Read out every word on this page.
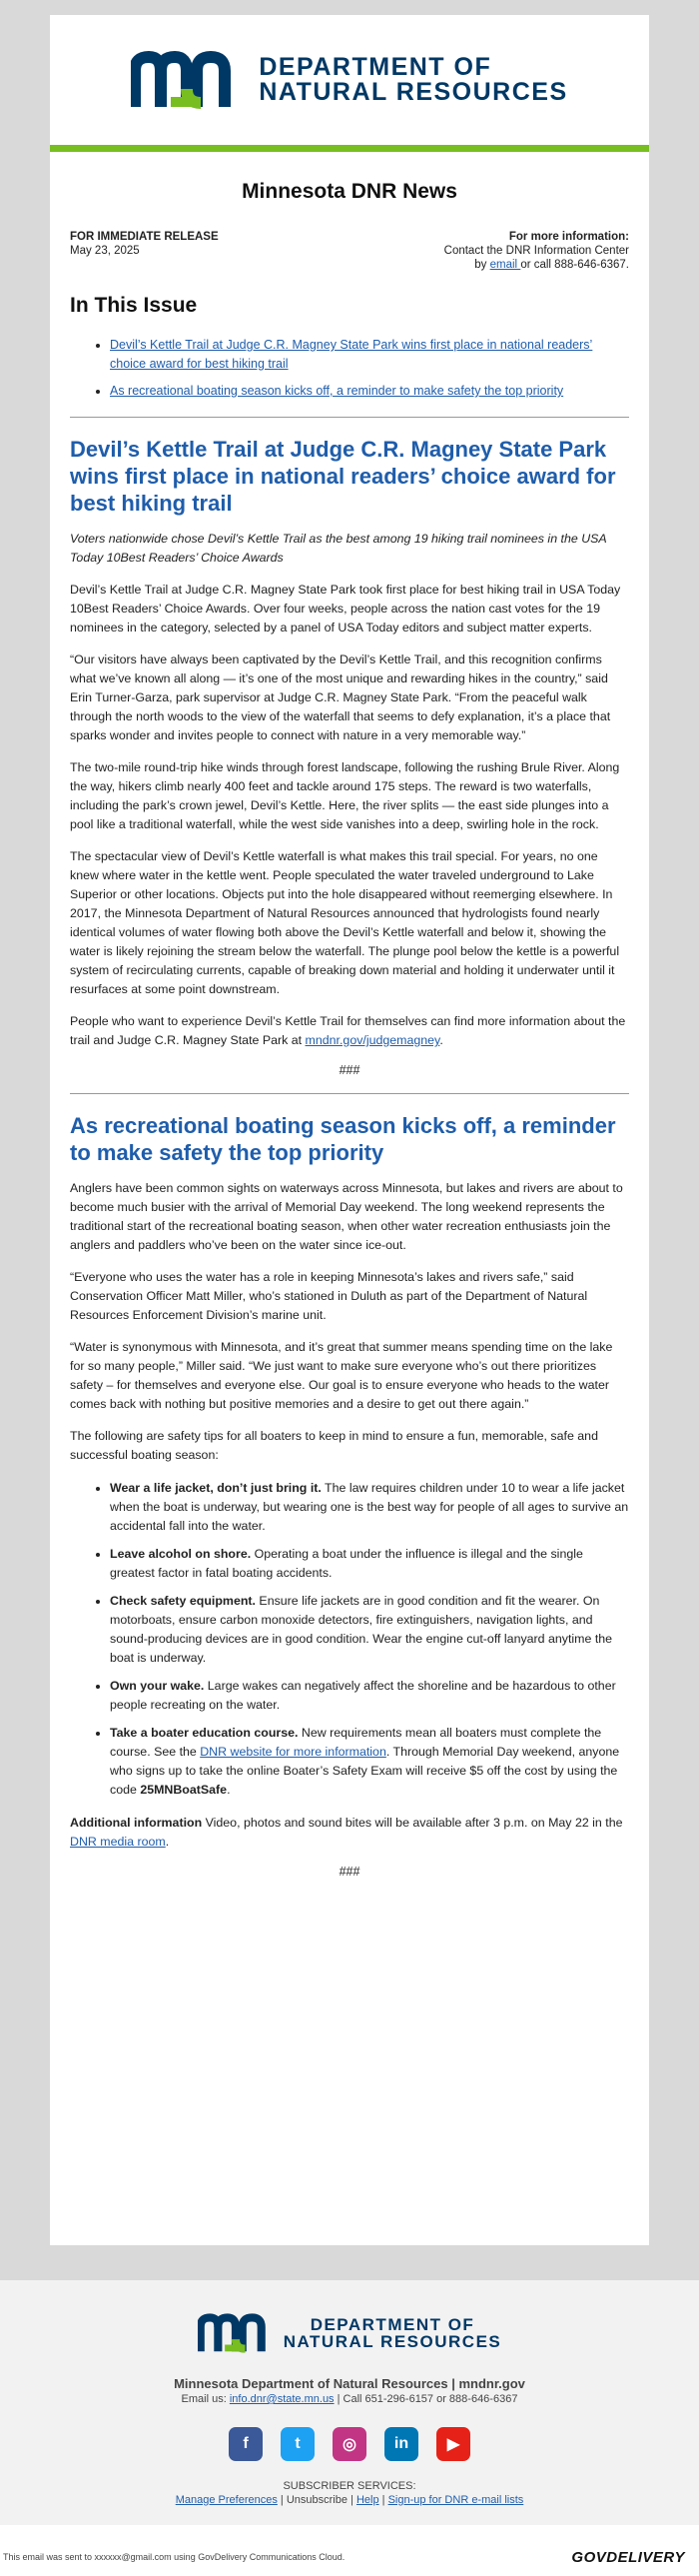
DEPARTMENT OF
NATURAL RESOURCES
Minnesota DNR News
FOR IMMEDIATE RELEASE
May 23, 2025
For more information:
Contact the DNR Information Center
by email or call 888-646-6367.
In This Issue
• Devil’s Kettle Trail at Judge C.R. Magney State Park wins first place in national readers’ choice award for best hiking trail
• As recreational boating season kicks off, a reminder to make safety the top priority
Devil’s Kettle Trail at Judge C.R. Magney State Park wins first place in national readers’ choice award for best hiking trail

Voters nationwide chose Devil’s Kettle Trail as the best among 19 hiking trail nominees in the USA Today 10Best Readers’ Choice Awards

Devil’s Kettle Trail at Judge C.R. Magney State Park took first place for best hiking trail in USA Today 10Best Readers’ Choice Awards. Over four weeks, people across the nation cast votes for the 19 nominees in the category, selected by a panel of USA Today editors and subject matter experts.

“Our visitors have always been captivated by the Devil’s Kettle Trail, and this recognition confirms what we’ve known all along — it’s one of the most unique and rewarding hikes in the country,” said Erin Turner-Garza, park supervisor at Judge C.R. Magney State Park. “From the peaceful walk through the north woods to the view of the waterfall that seems to defy explanation, it’s a place that sparks wonder and invites people to connect with nature in a very memorable way.”

The two-mile round-trip hike winds through forest landscape, following the rushing Brule River. Along the way, hikers climb nearly 400 feet and tackle around 175 steps. The reward is two waterfalls, including the park’s crown jewel, Devil’s Kettle. Here, the river splits — the east side plunges into a pool like a traditional waterfall, while the west side vanishes into a deep, swirling hole in the rock.

The spectacular view of Devil’s Kettle waterfall is what makes this trail special. For years, no one knew where water in the kettle went. People speculated the water traveled underground to Lake Superior or other locations. Objects put into the hole disappeared without reemerging elsewhere. In 2017, the Minnesota Department of Natural Resources announced that hydrologists found nearly identical volumes of water flowing both above the Devil’s Kettle waterfall and below it, showing the water is likely rejoining the stream below the waterfall. The plunge pool below the kettle is a powerful system of recirculating currents, capable of breaking down material and holding it underwater until it resurfaces at some point downstream.

People who want to experience Devil’s Kettle Trail for themselves can find more information about the trail and Judge C.R. Magney State Park at mndnr.gov/judgemagney.

###
As recreational boating season kicks off, a reminder to make safety the top priority

Anglers have been common sights on waterways across Minnesota, but lakes and rivers are about to become much busier with the arrival of Memorial Day weekend. The long weekend represents the traditional start of the recreational boating season, when other water recreation enthusiasts join the anglers and paddlers who’ve been on the water since ice-out.

“Everyone who uses the water has a role in keeping Minnesota’s lakes and rivers safe,” said Conservation Officer Matt Miller, who’s stationed in Duluth as part of the Department of Natural Resources Enforcement Division’s marine unit.

“Water is synonymous with Minnesota, and it’s great that summer means spending time on the lake for so many people,” Miller said. “We just want to make sure everyone who’s out there prioritizes safety – for themselves and everyone else. Our goal is to ensure everyone who heads to the water comes back with nothing but positive memories and a desire to get out there again.”

The following are safety tips for all boaters to keep in mind to ensure a fun, memorable, safe and successful boating season:

• Wear a life jacket, don’t just bring it. The law requires children under 10 to wear a life jacket when the boat is underway, but wearing one is the best way for people of all ages to survive an accidental fall into the water.
• Leave alcohol on shore. Operating a boat under the influence is illegal and the single greatest factor in fatal boating accidents.
• Check safety equipment. Ensure life jackets are in good condition and fit the wearer. On motorboats, ensure carbon monoxide detectors, fire extinguishers, navigation lights, and sound-producing devices are in good condition. Wear the engine cut-off lanyard anytime the boat is underway.
• Own your wake. Large wakes can negatively affect the shoreline and be hazardous to other people recreating on the water.
• Take a boater education course. New requirements mean all boaters must complete the course. See the DNR website for more information. Through Memorial Day weekend, anyone who signs up to take the online Boater’s Safety Exam will receive $5 off the cost by using the code 25MNBoatSafe.

Additional information Video, photos and sound bites will be available after 3 p.m. on May 22 in the DNR media room.

###
DEPARTMENT OF
NATURAL RESOURCES
Minnesota Department of Natural Resources | mndnr.gov
Email us: info.dnr@state.mn.us | Call 651-296-6157 or 888-646-6367
f	t	◎	in	▶
SUBSCRIBER SERVICES:
Manage Preferences | Unsubscribe | Help | Sign-up for DNR e-mail lists
This email was sent to xxxxxx@gmail.com using GovDelivery Communications Cloud.	GOVDELIVERY
